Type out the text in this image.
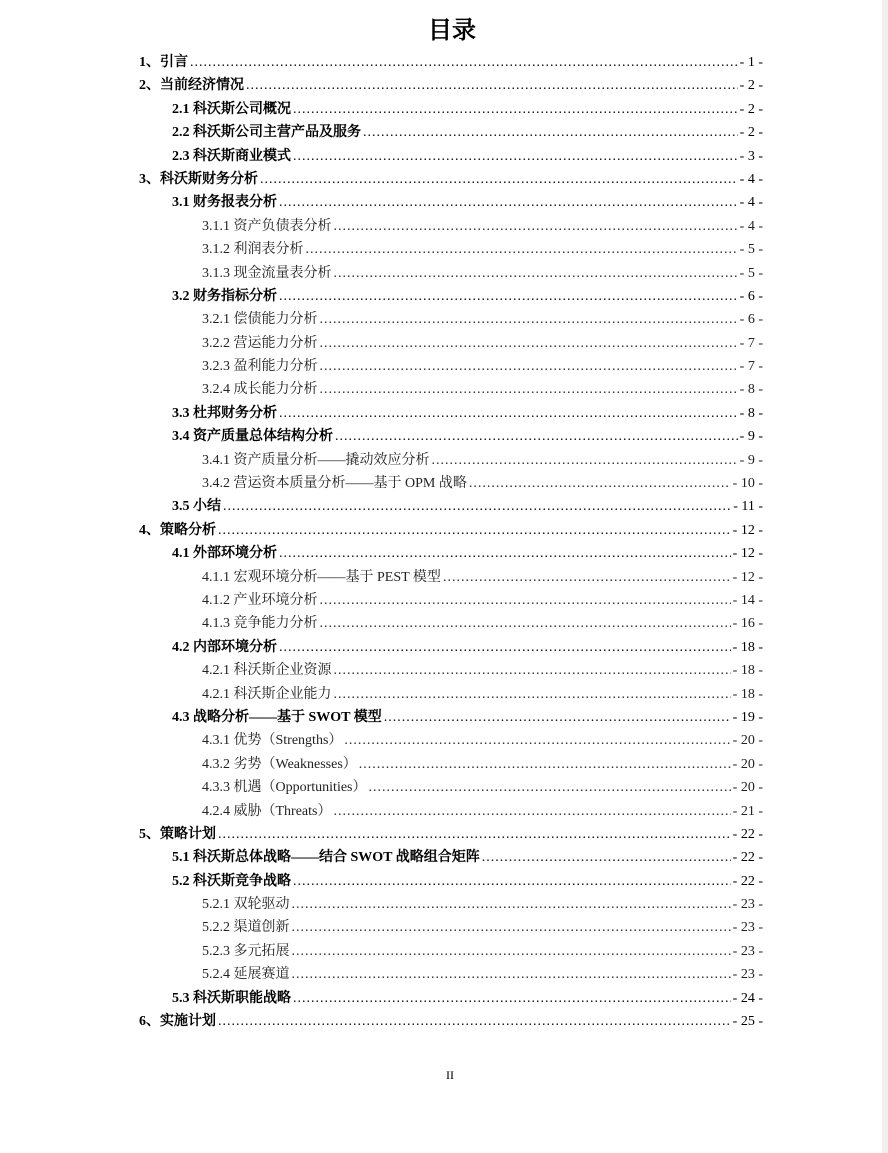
目录
1、引言 .....	- 1 -
2、当前经济情况 .....	- 2 -
2.1 科沃斯公司概况 .....	- 2 -
2.2 科沃斯公司主营产品及服务 .....	- 2 -
2.3 科沃斯商业模式 .....	- 3 -
3、科沃斯财务分析 .....	- 4 -
3.1 财务报表分析 .....	- 4 -
3.1.1 资产负债表分析 .....	- 4 -
3.1.2 利润表分析 .....	- 5 -
3.1.3 现金流量表分析 .....	- 5 -
3.2 财务指标分析 .....	- 6 -
3.2.1 偿债能力分析 .....	- 6 -
3.2.2 营运能力分析 .....	- 7 -
3.2.3 盈利能力分析 .....	- 7 -
3.2.4 成长能力分析 .....	- 8 -
3.3 杜邦财务分析 .....	- 8 -
3.4 资产质量总体结构分析 .....	- 9 -
3.4.1 资产质量分析——撬动效应分析 .....	- 9 -
3.4.2 营运资本质量分析——基于 OPM 战略 .....	- 10 -
3.5 小结 .....	- 11 -
4、策略分析 .....	- 12 -
4.1 外部环境分析 .....	- 12 -
4.1.1 宏观环境分析——基于 PEST 模型 .....	- 12 -
4.1.2 产业环境分析 .....	- 14 -
4.1.3 竞争能力分析 .....	- 16 -
4.2 内部环境分析 .....	- 18 -
4.2.1 科沃斯企业资源 .....	- 18 -
4.2.1 科沃斯企业能力 .....	- 18 -
4.3 战略分析——基于 SWOT 模型 .....	- 19 -
4.3.1 优势（Strengths） .....	- 20 -
4.3.2 劣势（Weaknesses） .....	- 20 -
4.3.3 机遇（Opportunities） .....	- 20 -
4.2.4 威胁（Threats） .....	- 21 -
5、策略计划 .....	- 22 -
5.1 科沃斯总体战略——结合 SWOT 战略组合矩阵 .....	- 22 -
5.2 科沃斯竞争战略 .....	- 22 -
5.2.1 双轮驱动 .....	- 23 -
5.2.2 渠道创新 .....	- 23 -
5.2.3 多元拓展 .....	- 23 -
5.2.4 延展赛道 .....	- 23 -
5.3 科沃斯职能战略 .....	- 24 -
6、实施计划 .....	- 25 -
II
